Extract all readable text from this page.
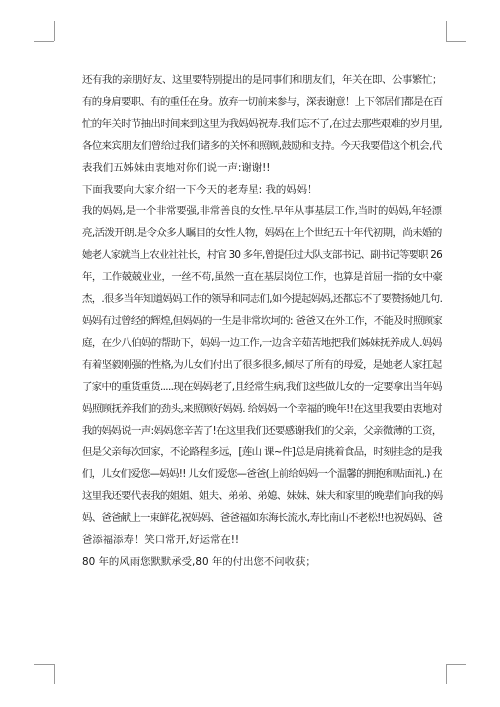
还有我的亲朋好友、这里要特别提出的是同事们和朋友们，年关在即、公事繁忙；
有的身肩要职、有的重任在身。放弃一切前来参与，深表谢意！上下邻居们都是在百
忙的年关时节抽出时间来到这里为我妈妈祝寿.我们忘不了,在过去那些艰难的岁月里,
各位来宾朋友们曾给过我们诸多的关怀和照顾,鼓励和支持。今天我要借这个机会,代
表我们五姊妹由衷地对你们说一声:谢谢!!

下面我要向大家介绍一下今天的老寿星: 我的妈妈！

我的妈妈,是一个非常要强,非常善良的女性.早年从事基层工作,当时的妈妈,年轻漂
亮,活泼开朗.是令众多人瞩目的女性人物，妈妈在上个世纪五十年代初期，尚未婚的
她老人家就当上农业社社长，村官 30 多年,曾提任过大队支部书记、副书记等要职 26
年，工作兢兢业业，一丝不苟,虽然一直在基层岗位工作，也算是首屈一指的女中豪
杰，.很多当年知道妈妈工作的领导和同志们,如今提起妈妈,还都忘不了要赞扬她几句.
妈妈有过曾经的辉煌,但妈妈的一生是非常坎坷的: 爸爸又在外工作，不能及时照顾家
庭，在少八伯妈的帮助下，妈妈一边工作,一边含辛茹苦地把我们姊妹抚养成人.妈妈
有着坚毅刚强的性格,为儿女们付出了很多很多,倾尽了所有的母爱，是她老人家扛起
了家中的重货重货.....现在妈妈老了,且经常生病,我们这些做儿女的一定要拿出当年妈
妈照顾抚养我们的劲头,来照顾好妈妈. 给妈妈一个幸福的晚年!!在这里我要由衷地对
我的妈妈说一声:妈妈您辛苦了!在这里我们还要感谢我们的父亲，父亲微薄的工资，
但是父亲每次回家，不论路程多远，[莲山 课~件]总是肩挑着食品，时刻挂念的是我
们，儿女们爱您—妈妈!! 儿女们爱您—爸爸(上前给妈妈一个温馨的拥抱和贴面礼.) 在
这里我还要代表我的姐姐、姐夫、弟弟、弟媳、妹妹、妹夫和家里的晚辈们向我的妈
妈、爸爸献上一束鲜花,祝妈妈、爸爸福如东海长流水,寿比南山不老松!!也祝妈妈、爸
爸添福添寿！笑口常开,好运常在!!

80 年的风雨您默默承受,80 年的付出您不问收获；
